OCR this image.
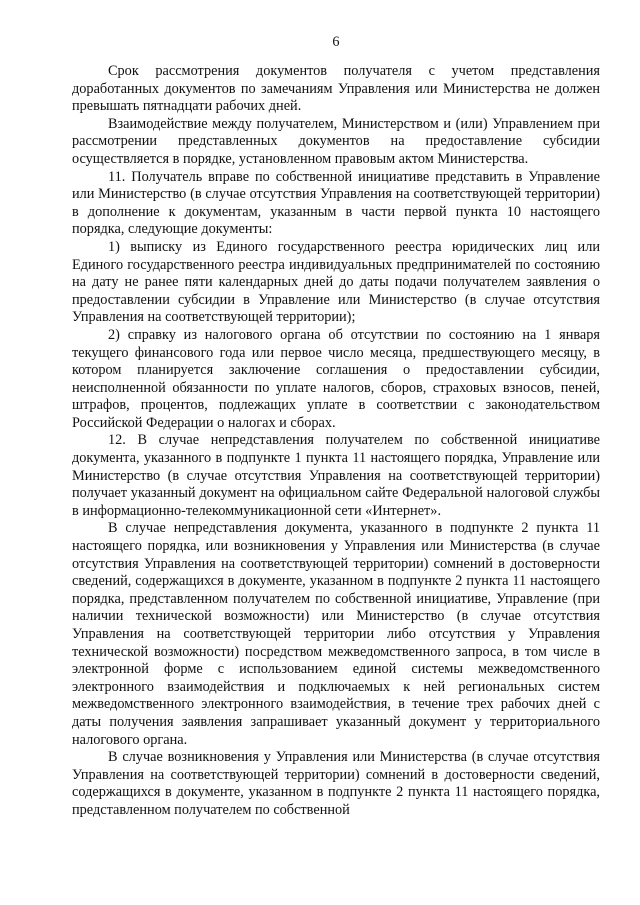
6

Срок рассмотрения документов получателя с учетом представления доработанных документов по замечаниям Управления или Министерства не должен превышать пятнадцати рабочих дней.

Взаимодействие между получателем, Министерством и (или) Управлением при рассмотрении представленных документов на предоставление субсидии осуществляется в порядке, установленном правовым актом Министерства.

11. Получатель вправе по собственной инициативе представить в Управление или Министерство (в случае отсутствия Управления на соответствующей территории) в дополнение к документам, указанным в части первой пункта 10 настоящего порядка, следующие документы:

1) выписку из Единого государственного реестра юридических лиц или Единого государственного реестра индивидуальных предпринимателей по состоянию на дату не ранее пяти календарных дней до даты подачи получателем заявления о предоставлении субсидии в Управление или Министерство (в случае отсутствия Управления на соответствующей территории);

2) справку из налогового органа об отсутствии по состоянию на 1 января текущего финансового года или первое число месяца, предшествующего месяцу, в котором планируется заключение соглашения о предоставлении субсидии, неисполненной обязанности по уплате налогов, сборов, страховых взносов, пеней, штрафов, процентов, подлежащих уплате в соответствии с законодательством Российской Федерации о налогах и сборах.

12. В случае непредставления получателем по собственной инициативе документа, указанного в подпункте 1 пункта 11 настоящего порядка, Управление или Министерство (в случае отсутствия Управления на соответствующей территории) получает указанный документ на официальном сайте Федеральной налоговой службы в информационно-телекоммуникационной сети «Интернет».

В случае непредставления документа, указанного в подпункте 2 пункта 11 настоящего порядка, или возникновения у Управления или Министерства (в случае отсутствия Управления на соответствующей территории) сомнений в достоверности сведений, содержащихся в документе, указанном в подпункте 2 пункта 11 настоящего порядка, представленном получателем по собственной инициативе, Управление (при наличии технической возможности) или Министерство (в случае отсутствия Управления на соответствующей территории либо отсутствия у Управления технической возможности) посредством межведомственного запроса, в том числе в электронной форме с использованием единой системы межведомственного электронного взаимодействия и подключаемых к ней региональных систем межведомственного электронного взаимодействия, в течение трех рабочих дней с даты получения заявления запрашивает указанный документ у территориального налогового органа.

В случае возникновения у Управления или Министерства (в случае отсутствия Управления на соответствующей территории) сомнений в достоверности сведений, содержащихся в документе, указанном в подпункте 2 пункта 11 настоящего порядка, представленном получателем по собственной
